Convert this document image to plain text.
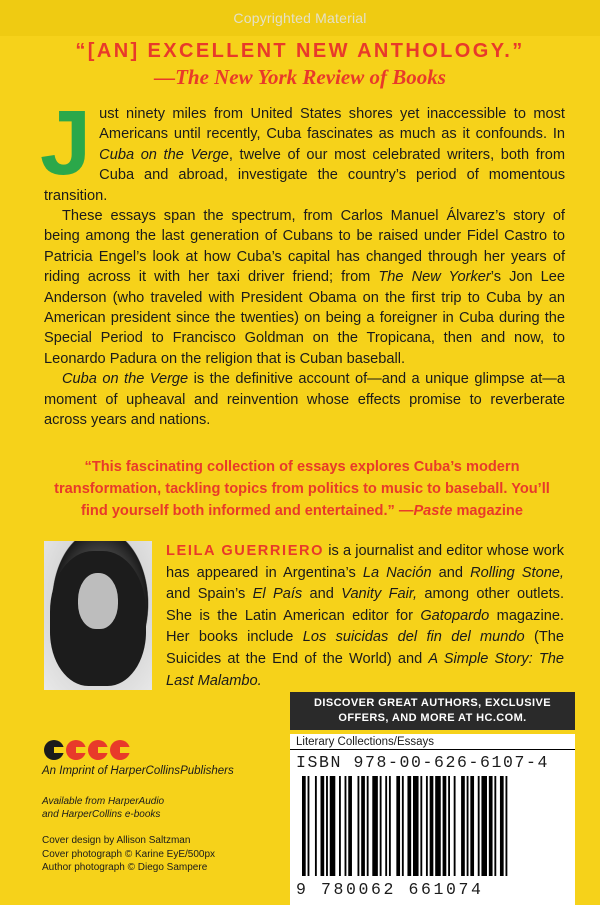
Copyrighted Material
“[AN] EXCELLENT NEW ANTHOLOGY.”
—The New York Review of Books

Just ninety miles from United States shores yet inaccessible to most Americans until recently, Cuba fascinates as much as it confounds. In Cuba on the Verge, twelve of our most celebrated writers, both from Cuba and abroad, investigate the country’s period of momentous transition.

These essays span the spectrum, from Carlos Manuel Álvarez’s story of being among the last generation of Cubans to be raised under Fidel Castro to Patricia Engel’s look at how Cuba’s capital has changed through her years of riding across it with her taxi driver friend; from The New Yorker’s Jon Lee Anderson (who traveled with President Obama on the first trip to Cuba by an American president since the twenties) on being a foreigner in Cuba during the Special Period to Francisco Goldman on the Tropicana, then and now, to Leonardo Padura on the religion that is Cuban baseball.

Cuba on the Verge is the definitive account of—and a unique glimpse at—a moment of upheaval and reinvention whose effects promise to reverberate across years and nations.

“This fascinating collection of essays explores Cuba’s modern transformation, tackling topics from politics to music to baseball. You’ll find yourself both informed and entertained.” —Paste magazine
LEILA GUERRIERO is a journalist and editor whose work has appeared in Argentina’s La Nación and Rolling Stone, and Spain’s El País and Vanity Fair, among other outlets. She is the Latin American editor for Gatopardo magazine. Her books include Los suicidas del fin del mundo (The Suicides at the End of the World) and A Simple Story: The Last Malambo.
DISCOVER GREAT AUTHORS, EXCLUSIVE OFFERS, AND MORE AT HC.COM.
Literary Collections/Essays
ISBN 978-00-626-6107-4
9 780062 661074
An Imprint of HarperCollinsPublishers
Available from HarperAudio
and HarperCollins e-books
Cover design by Allison Saltzman
Cover photograph © Karine EyE/500px
Author photograph © Diego Sampere
